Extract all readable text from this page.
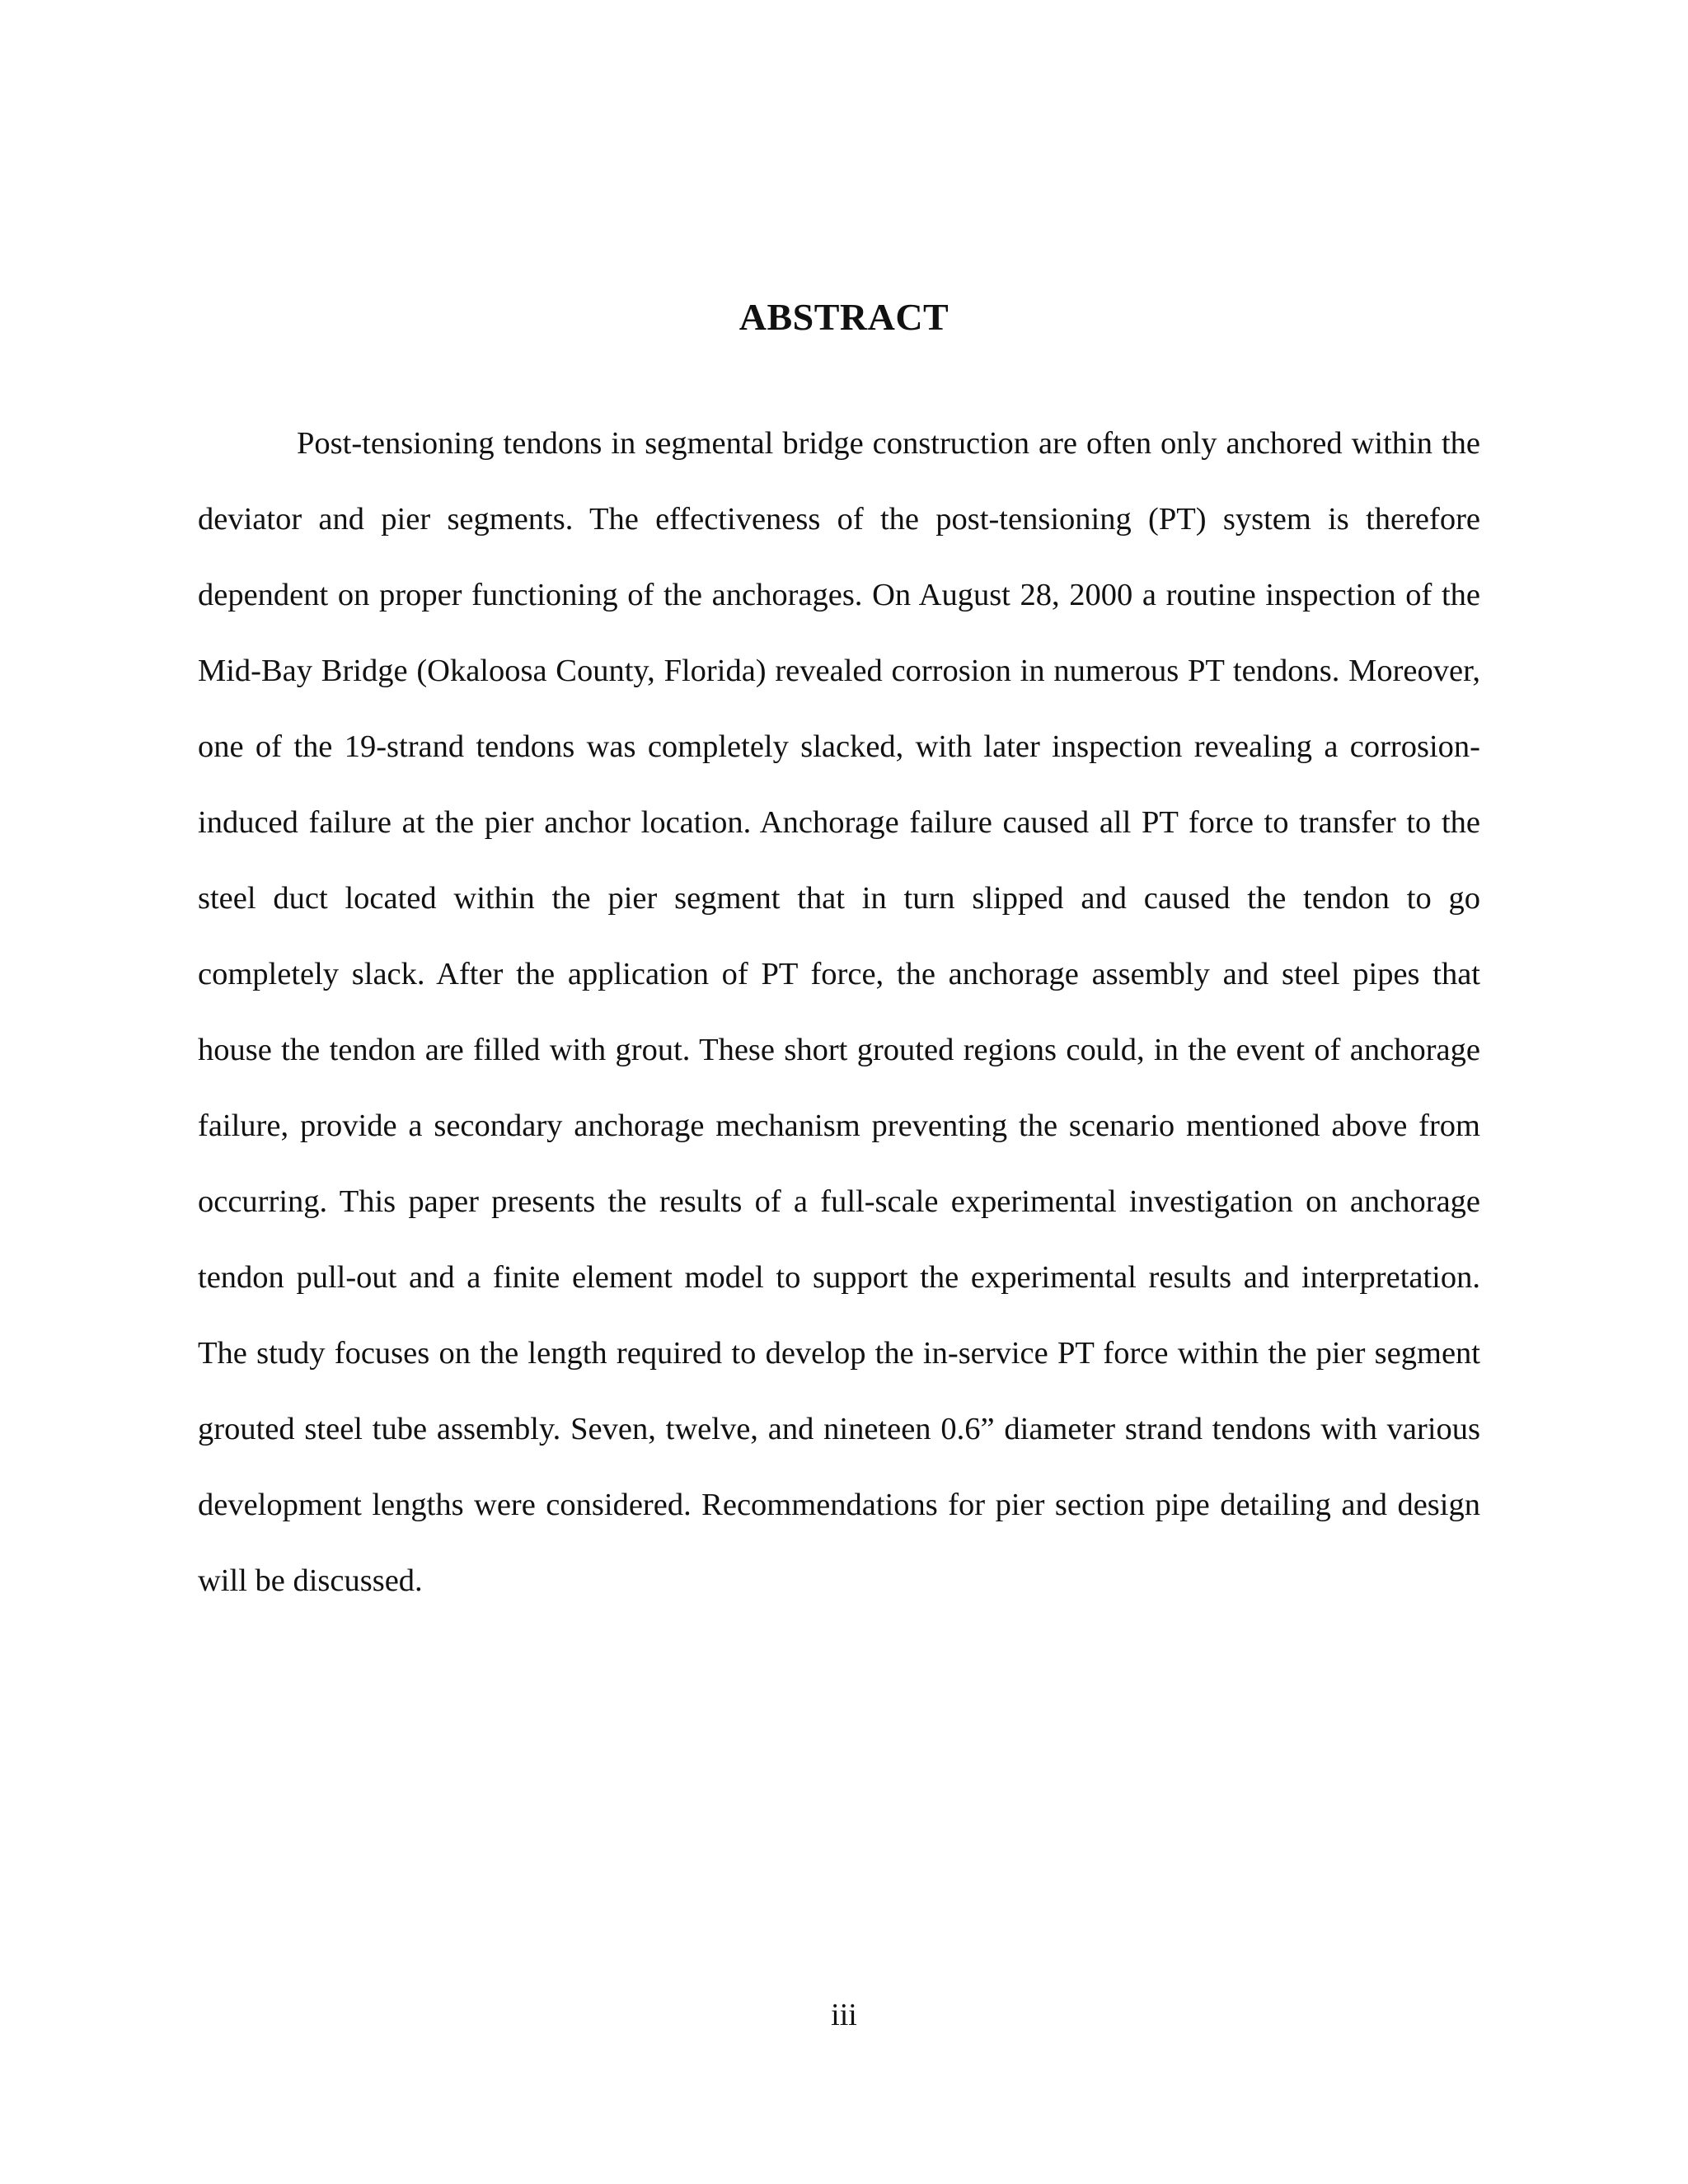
ABSTRACT

Post-tensioning tendons in segmental bridge construction are often only anchored within the deviator and pier segments. The effectiveness of the post-tensioning (PT) system is therefore dependent on proper functioning of the anchorages. On August 28, 2000 a routine inspection of the Mid-Bay Bridge (Okaloosa County, Florida) revealed corrosion in numerous PT tendons. Moreover, one of the 19-strand tendons was completely slacked, with later inspection revealing a corrosion-induced failure at the pier anchor location. Anchorage failure caused all PT force to transfer to the steel duct located within the pier segment that in turn slipped and caused the tendon to go completely slack. After the application of PT force, the anchorage assembly and steel pipes that house the tendon are filled with grout. These short grouted regions could, in the event of anchorage failure, provide a secondary anchorage mechanism preventing the scenario mentioned above from occurring. This paper presents the results of a full-scale experimental investigation on anchorage tendon pull-out and a finite element model to support the experimental results and interpretation. The study focuses on the length required to develop the in-service PT force within the pier segment grouted steel tube assembly. Seven, twelve, and nineteen 0.6” diameter strand tendons with various development lengths were considered. Recommendations for pier section pipe detailing and design will be discussed.

iii
